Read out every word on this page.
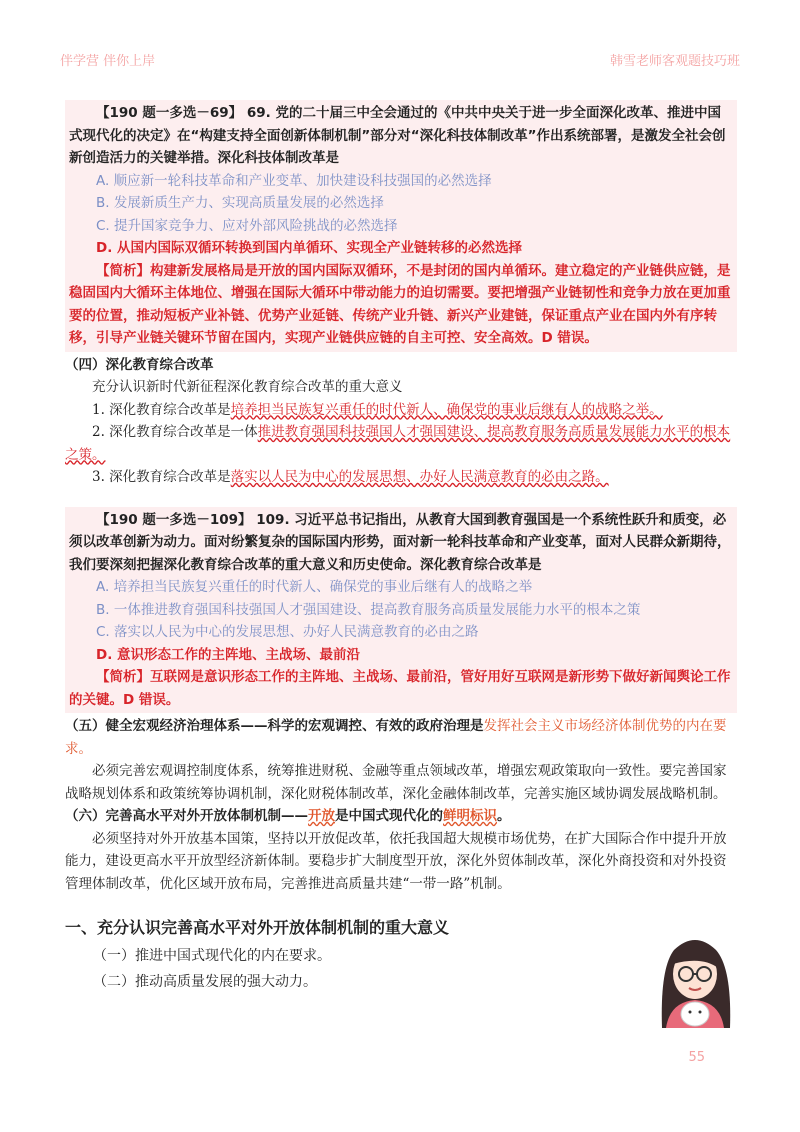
伴学营 伴你上岸	韩雪老师客观题技巧班

【190 题一多选－69】 69. 党的二十届三中全会通过的《中共中央关于进一步全面深化改革、推进中国式现代化的决定》在“构建支持全面创新体制机制”部分对“深化科技体制改革”作出系统部署，是激发全社会创新创造活力的关键举措。深化科技体制改革是

A. 顺应新一轮科技革命和产业变革、加快建设科技强国的必然选择

B. 发展新质生产力、实现高质量发展的必然选择

C. 提升国家竞争力、应对外部风险挑战的必然选择

D. 从国内国际双循环转换到国内单循环、实现全产业链转移的必然选择

【简析】构建新发展格局是开放的国内国际双循环，不是封闭的国内单循环。建立稳定的产业链供应链，是稳固国内大循环主体地位、增强在国际大循环中带动能力的迫切需要。要把增强产业链韧性和竞争力放在更加重要的位置，推动短板产业补链、优势产业延链、传统产业升链、新兴产业建链，保证重点产业在国内外有序转移，引导产业链关键环节留在国内，实现产业链供应链的自主可控、安全高效。D 错误。

（四）深化教育综合改革

充分认识新时代新征程深化教育综合改革的重大意义

1. 深化教育综合改革是培养担当民族复兴重任的时代新人、确保党的事业后继有人的战略之举。

2. 深化教育综合改革是一体推进教育强国科技强国人才强国建设、提高教育服务高质量发展能力水平的根本之策。

3. 深化教育综合改革是落实以人民为中心的发展思想、办好人民满意教育的必由之路。

【190 题一多选－109】 109. 习近平总书记指出，从教育大国到教育强国是一个系统性跃升和质变，必须以改革创新为动力。面对纷繁复杂的国际国内形势，面对新一轮科技革命和产业变革，面对人民群众新期待，我们要深刻把握深化教育综合改革的重大意义和历史使命。深化教育综合改革是

A. 培养担当民族复兴重任的时代新人、确保党的事业后继有人的战略之举

B. 一体推进教育强国科技强国人才强国建设、提高教育服务高质量发展能力水平的根本之策

C. 落实以人民为中心的发展思想、办好人民满意教育的必由之路

D. 意识形态工作的主阵地、主战场、最前沿

【简析】互联网是意识形态工作的主阵地、主战场、最前沿，管好用好互联网是新形势下做好新闻舆论工作的关键。D 错误。

（五）健全宏观经济治理体系——科学的宏观调控、有效的政府治理是发挥社会主义市场经济体制优势的内在要求。

必须完善宏观调控制度体系，统筹推进财税、金融等重点领域改革，增强宏观政策取向一致性。要完善国家战略规划体系和政策统筹协调机制，深化财税体制改革，深化金融体制改革，完善实施区域协调发展战略机制。

（六）完善高水平对外开放体制机制——开放是中国式现代化的鲜明标识。

必须坚持对外开放基本国策，坚持以开放促改革，依托我国超大规模市场优势，在扩大国际合作中提升开放能力，建设更高水平开放型经济新体制。要稳步扩大制度型开放，深化外贸体制改革，深化外商投资和对外投资管理体制改革，优化区域开放布局，完善推进高质量共建“一带一路”机制。

一、充分认识完善高水平对外开放体制机制的重大意义

（一）推进中国式现代化的内在要求。

（二）推动高质量发展的强大动力。

55
